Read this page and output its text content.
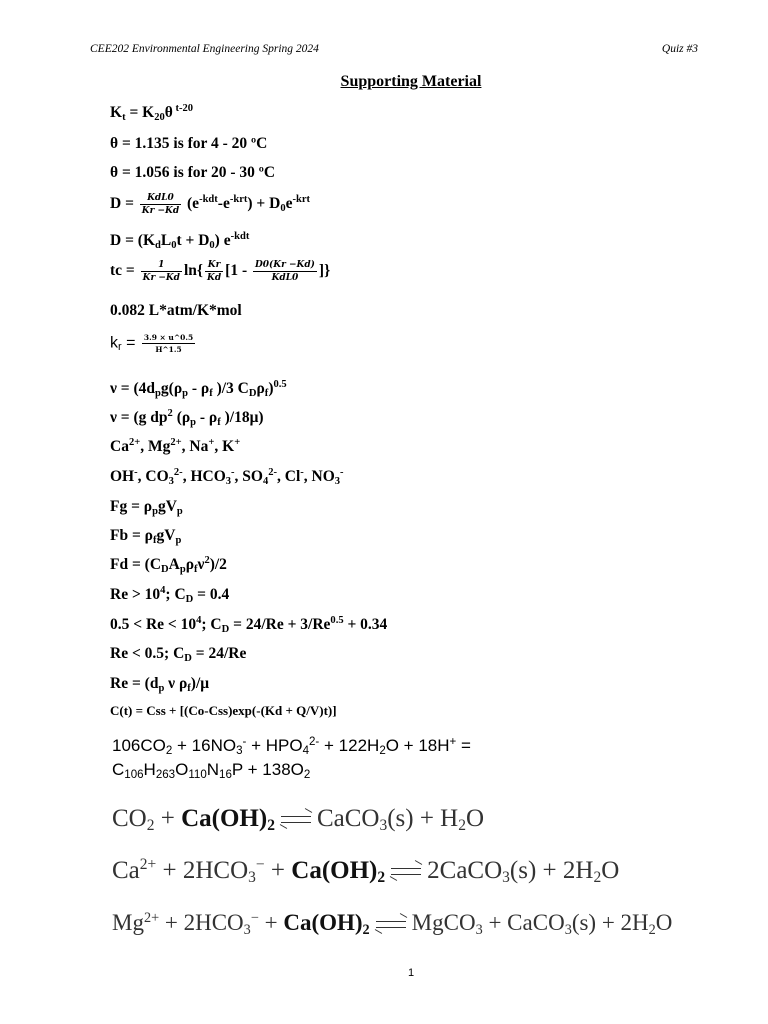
CEE202 Environmental Engineering Spring 2024	Quiz #3
Supporting Material
$K_t = K_{20}\theta$ $^{t-20}$
θ = 1.135 is for 4 - 20 ºC
θ = 1.056 is for 20 - 30 ºC
$D = \frac{\text{KdL0}}{Kr -Kd} (e^{-kdt}-e^{-krt}) + D_0e^{-krt}$
$D = (K_dL_0t + D_0)$ $e^{-kdt}$
tc = $\frac{1}{Kr -Kd} \ln\{ \frac{Kr}{Kd} [1 - \frac{D0(Kr -Kd)}{\text{KdL0}}$ ]}
0.082 L*atm/K*mol
$k_r = \frac{3.9 \times u\^{}0.5}{H\^{}1.5}$
$\nu = (4d_pg(\rho_p - \rho_f$ )/3 $C_D\rho_f)^{0.5}$
ν = (g $dp^2$ ($\rho_p - \rho_f$ )/18μ)
$Ca^{2+}$, $Mg^{2+}$, Na+, K+
OH-, $CO_3^{2-}$, $HCO_3^-$, $SO_4^{2-}$, Cl-, $NO_3^-$
$Fg = \rho_pgV_p$
$Fb = \rho_fgV_p$
$Fd = (C_DA_p\rho_f\nu^2)/2$
$Re > 10^4$; $C_D = 0.4$
$0.5 < Re < 10^4$; $C_D = 24/Re + 3/Re^{0.5} + 0.34$
Re < 0.5; $C_D = 24/Re$
$Re = (d_p$ ν $\rho_f)/\mu$
C(t) = Css + [(Co-Css)exp(-(Kd + Q/V)t)]
$106CO_2 + 16NO_3^- + HPO_4^{2-} + 122H_2O + 18H^+$ =
$C_{106}H_{263}O_{110}N_{16}P + 138O_2$
$CO_2 + Ca(OH)_2$ CaCO$_3$(s) + $H_2O$
$Ca^{2+} + 2HCO_3^- + Ca(OH)_2$ 2CaCO$_3$(s) + $2H_2O$
$Mg^{2+} + 2HCO_3^- + Ca(OH)_2$ MgCO$_3$ + CaCO$_3$(s) + $2H_2O$
1
